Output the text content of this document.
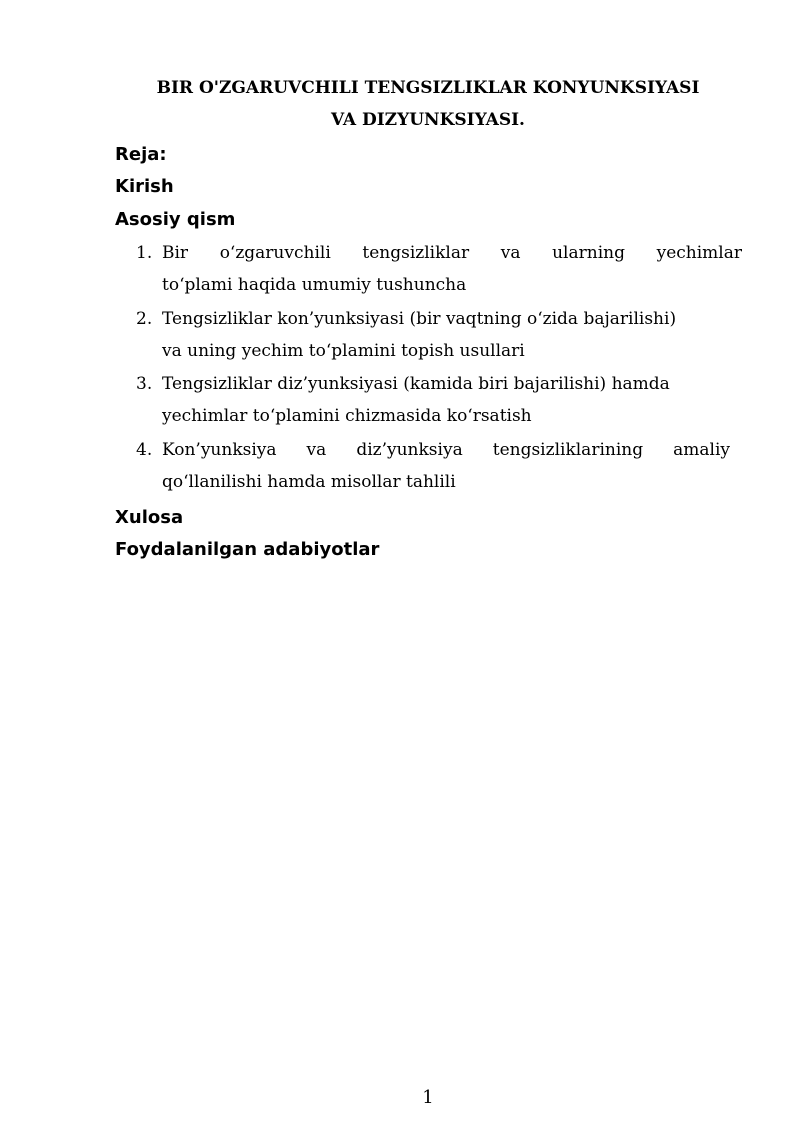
BIR O'ZGARUVCHILI TENGSIZLIKLAR KONYUNKSIYASI
VA DIZYUNKSIYASI.
Reja:
Kirish
Asosiy qism
1. Bir o‘zgaruvchili tengsizliklar va ularning yechimlar
to‘plami haqida umumiy tushuncha
2. Tengsizliklar kon’yunksiyasi (bir vaqtning o‘zida bajarilishi)
va uning yechim to‘plamini topish usullari
3. Tengsizliklar diz’yunksiyasi (kamida biri bajarilishi) hamda
yechimlar to‘plamini chizmasida ko‘rsatish
4. Kon’yunksiya va diz’yunksiya tengsizliklarining amaliy
qo‘llanilishi hamda misollar tahlili
Xulosa
Foydalanilgan adabiyotlar
1
